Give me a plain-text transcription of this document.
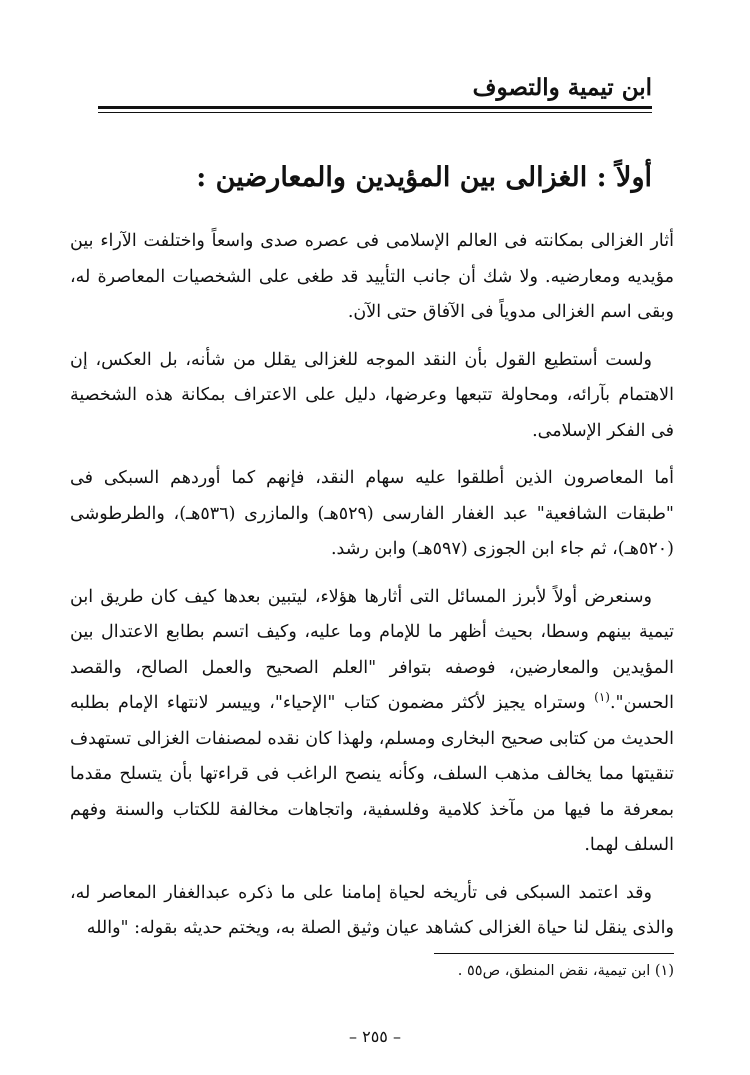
ابن تيمية والتصوف
أولاً : الغزالى بين المؤيدين والمعارضين :

أثار الغزالى بمكانته فى العالم الإسلامى فى عصره صدى واسعاً واختلفت الآراء بين مؤيديه ومعارضيه. ولا شك أن جانب التأييد قد طغى على الشخصيات المعاصرة له، وبقى اسم الغزالى مدوياً فى الآفاق حتى الآن.

ولست أستطيع القول بأن النقد الموجه للغزالى يقلل من شأنه، بل العكس، إن الاهتمام بآرائه، ومحاولة تتبعها وعرضها، دليل على الاعتراف بمكانة هذه الشخصية فى الفكر الإسلامى.

أما المعاصرون الذين أطلقوا عليه سهام النقد، فإنهم كما أوردهم السبكى فى "طبقات الشافعية" عبد الغفار الفارسى (٥٢٩هـ) والمازرى (٥٣٦هـ)، والطرطوشى (٥٢٠هـ)، ثم جاء ابن الجوزى (٥٩٧هـ) وابن رشد.

وسنعرض أولاً لأبرز المسائل التى أثارها هؤلاء، ليتبين بعدها كيف كان طريق ابن تيمية بينهم وسطا، بحيث أظهر ما للإمام وما عليه، وكيف اتسم بطابع الاعتدال بين المؤيدين والمعارضين، فوصفه بتوافر "العلم الصحيح والعمل الصالح، والقصد الحسن".$^{(١)}$ وستراه يجيز لأكثر مضمون كتاب "الإحياء"، وييسر لانتهاء الإمام بطلبه الحديث من كتابى صحيح البخارى ومسلم، ولهذا كان نقده لمصنفات الغزالى تستهدف تنقيتها مما يخالف مذهب السلف، وكأنه ينصح الراغب فى قراءتها بأن يتسلح مقدما بمعرفة ما فيها من مآخذ كلامية وفلسفية، واتجاهات مخالفة للكتاب والسنة وفهم السلف لهما.

وقد اعتمد السبكى فى تأريخه لحياة إمامنا على ما ذكره عبدالغفار المعاصر له، والذى ينقل لنا حياة الغزالى كشاهد عيان وثيق الصلة به، ويختم حديثه بقوله: "والله

(١) ابن تيمية، نقض المنطق، ص٥٥ .
– ٢٥٥ –
